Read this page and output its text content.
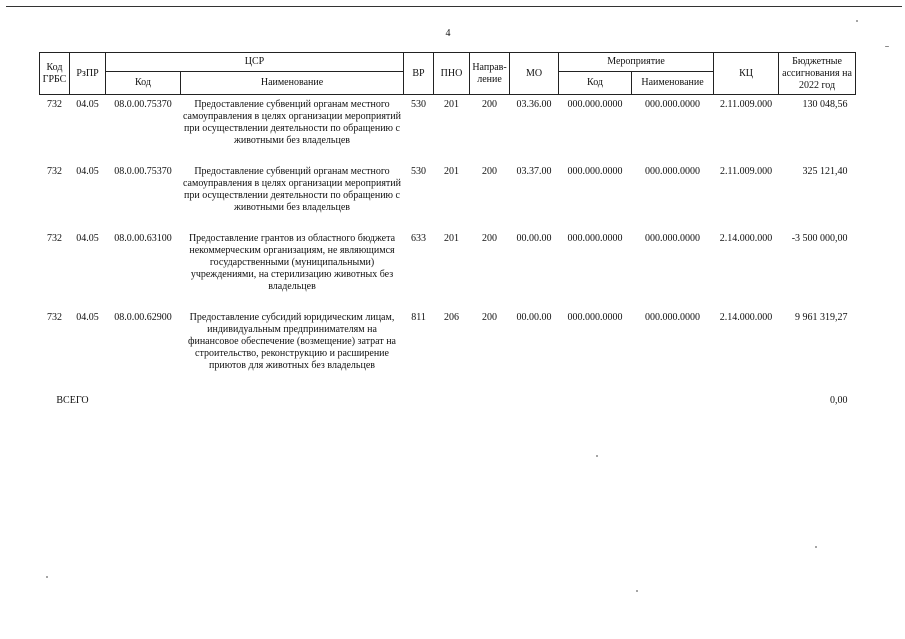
4
Код ГРБС	РзПР	ЦСР		ВР	ПНО	Направ-ление	МО	Мероприятие		КЦ	Бюджетные ассигнования на 2022 год
		Код	Наименование					Код	Наименование		
732	04.05	08.0.00.75370	Предоставление субвенций органам местного самоуправления в целях организации мероприятий при осуществлении деятельности по обращению с животными без владельцев	530	201	200	03.36.00	000.000.0000	000.000.0000	2.11.009.000	130 048,56
732	04.05	08.0.00.75370	Предоставление субвенций органам местного самоуправления в целях организации мероприятий при осуществлении деятельности по обращению с животными без владельцев	530	201	200	03.37.00	000.000.0000	000.000.0000	2.11.009.000	325 121,40
732	04.05	08.0.00.63100	Предоставление грантов из областного бюджета некоммерческим организациям, не являющимся государственными (муниципальными) учреждениями, на стерилизацию животных без владельцев	633	201	200	00.00.00	000.000.0000	000.000.0000	2.14.000.000	-3 500 000,00
732	04.05	08.0.00.62900	Предоставление субсидий юридическим лицам, индивидуальным предпринимателям на финансовое обеспечение (возмещение) затрат на строительство, реконструкцию и расширение приютов для животных без владельцев	811	206	200	00.00.00	000.000.0000	000.000.0000	2.14.000.000	9 961 319,27
ВСЕГО											0,00
